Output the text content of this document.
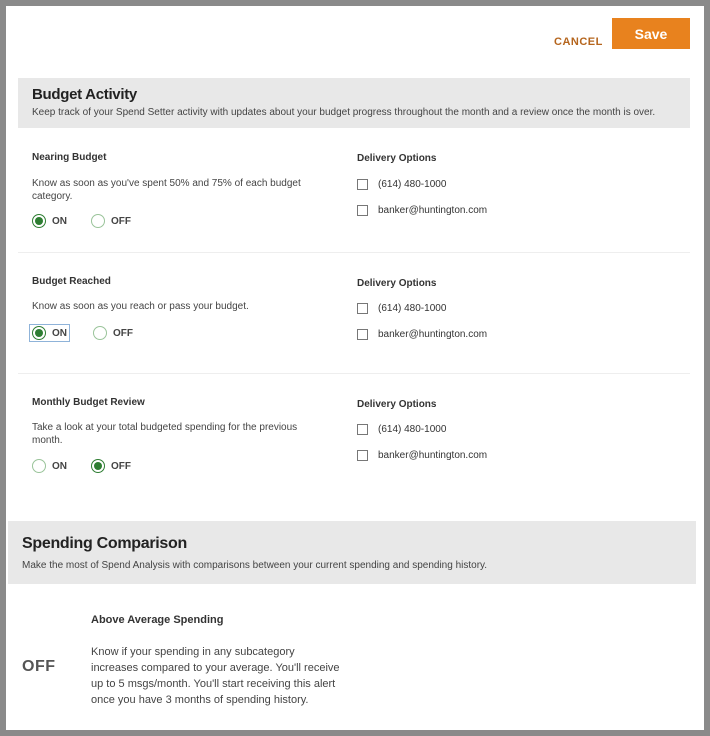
CANCEL
Save
Budget Activity
Keep track of your Spend Setter activity with updates about your budget progress throughout the month and a review once the month is over.
Nearing Budget
Know as soon as you've spent 50% and 75% of each budget category.
ON	OFF
Delivery Options
(614) 480-1000
banker@huntington.com
Budget Reached
Know as soon as you reach or pass your budget.
ON	OFF
Delivery Options
(614) 480-1000
banker@huntington.com
Monthly Budget Review
Take a look at your total budgeted spending for the previous month.
ON	OFF
Delivery Options
(614) 480-1000
banker@huntington.com
Spending Comparison
Make the most of Spend Analysis with comparisons between your current spending and spending history.
OFF
Above Average Spending
Know if your spending in any subcategory increases compared to your average. You'll receive up to 5 msgs/month. You'll start receiving this alert once you have 3 months of spending history.
